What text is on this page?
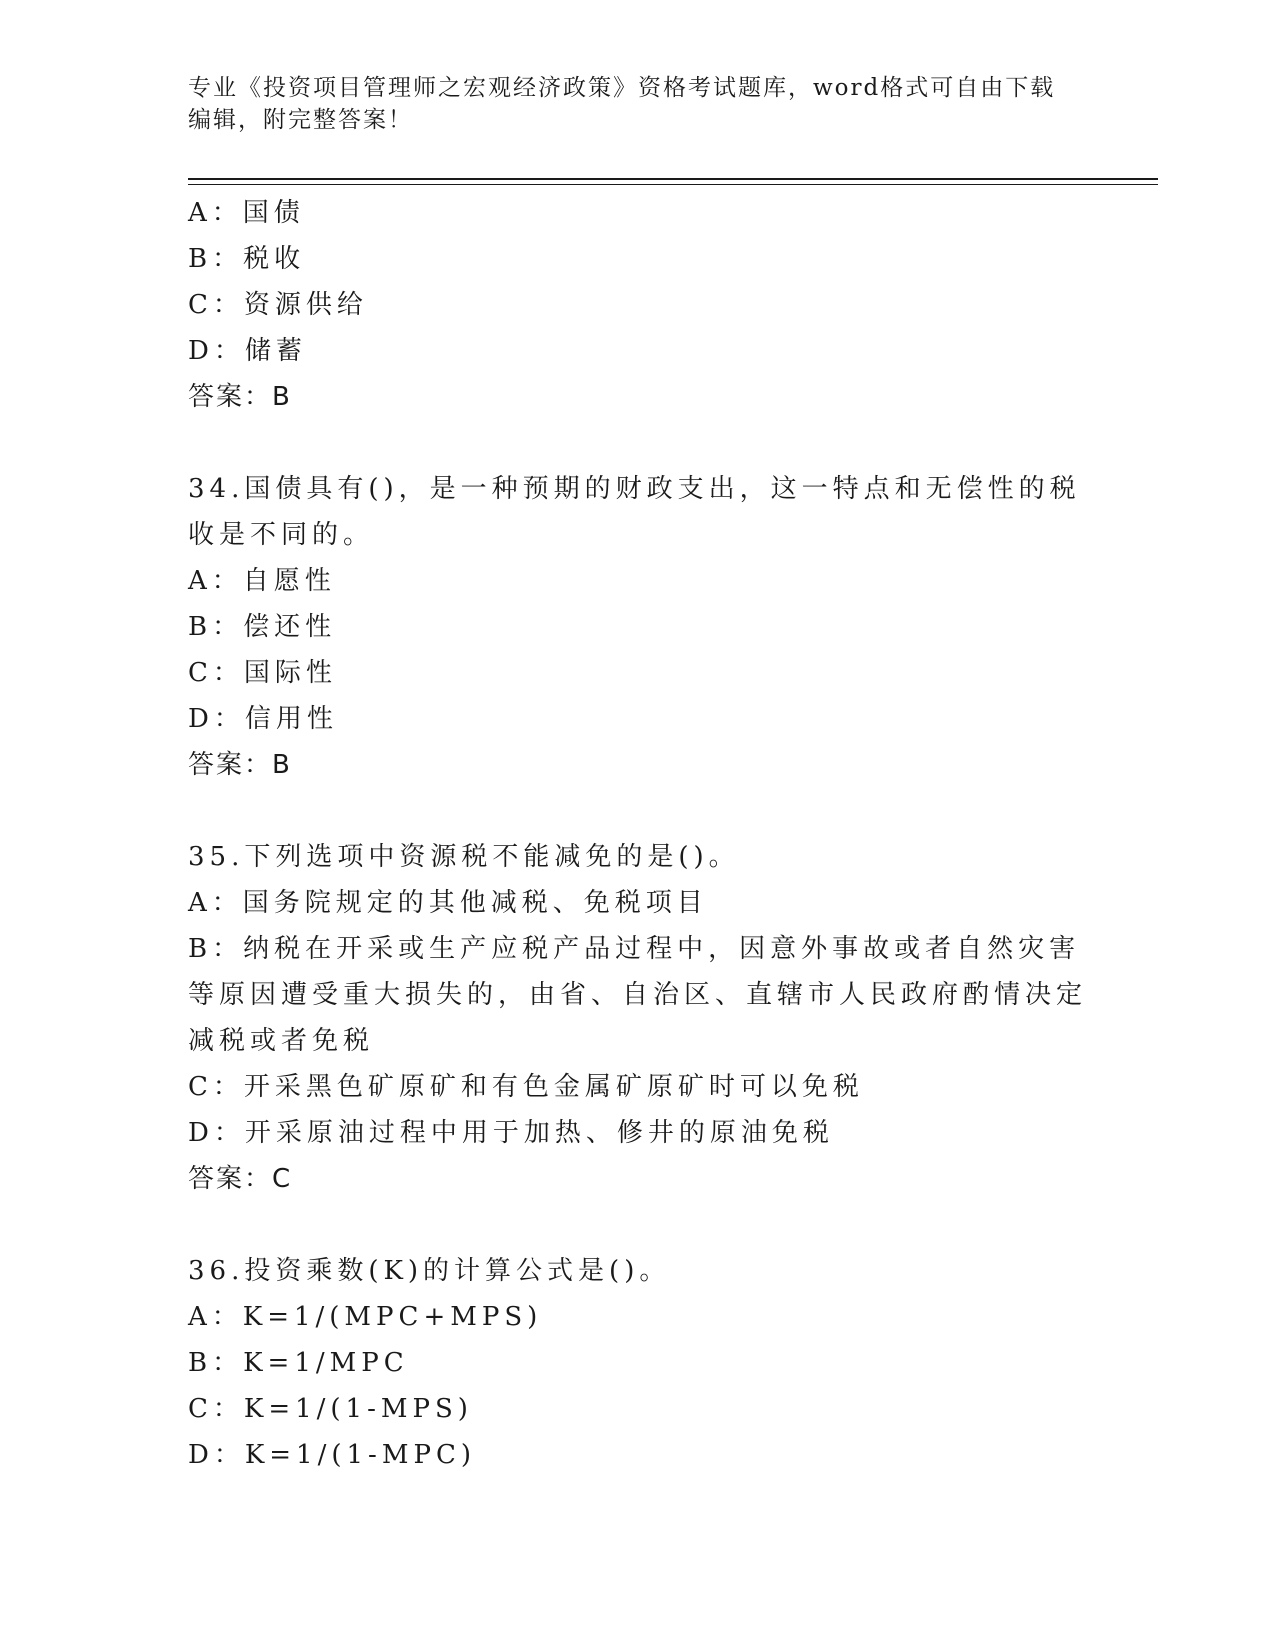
专业《投资项目管理师之宏观经济政策》资格考试题库，word格式可自由下载编辑，附完整答案！
A：国债
B：税收
C：资源供给
D：储蓄
答案：B
34.国债具有()，是一种预期的财政支出，这一特点和无偿性的税收是不同的。
A：自愿性
B：偿还性
C：国际性
D：信用性
答案：B
35.下列选项中资源税不能减免的是()。
A：国务院规定的其他减税、免税项目
B：纳税在开采或生产应税产品过程中，因意外事故或者自然灾害等原因遭受重大损失的，由省、自治区、直辖市人民政府酌情决定减税或者免税
C：开采黑色矿原矿和有色金属矿原矿时可以免税
D：开采原油过程中用于加热、修井的原油免税
答案：C
36.投资乘数(K)的计算公式是()。
A：K=1/(MPC+MPS)
B：K=1/MPC
C：K=1/(1-MPS)
D：K=1/(1-MPC)
